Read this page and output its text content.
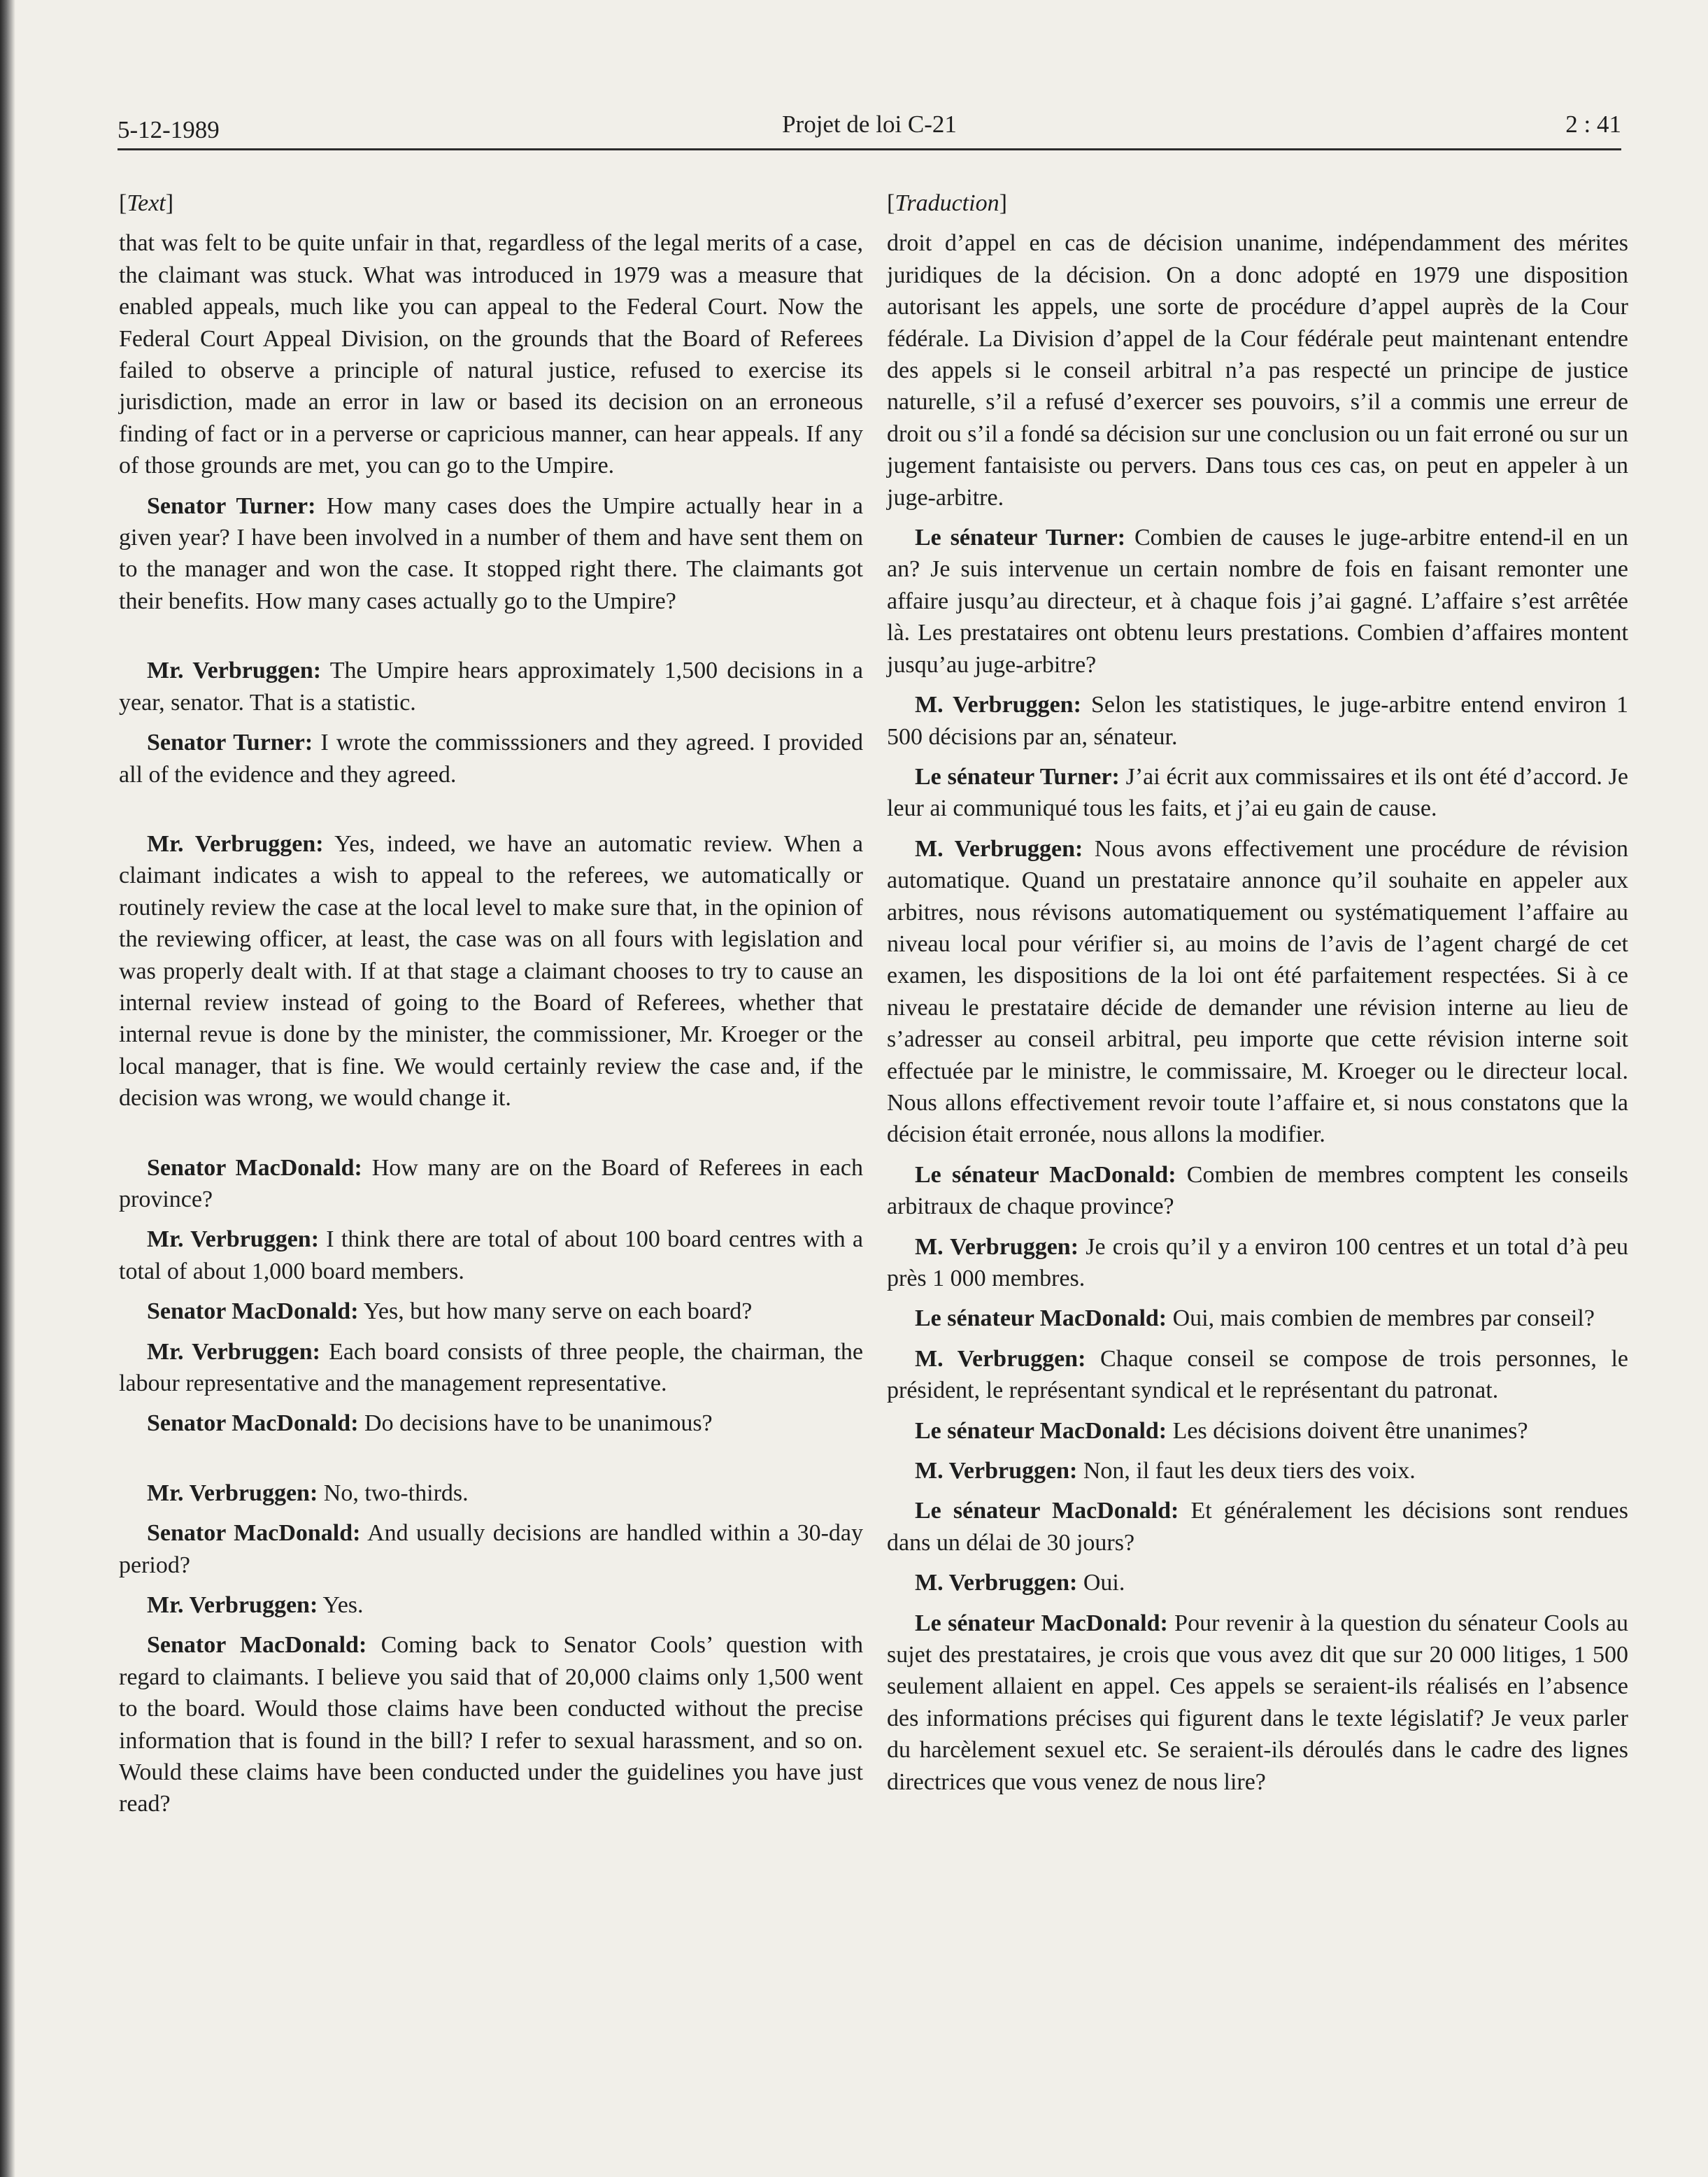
5-12-1989	Projet de loi C-21	2 : 41

[Text]

that was felt to be quite unfair in that, regardless of the legal merits of a case, the claimant was stuck. What was introduced in 1979 was a measure that enabled appeals, much like you can appeal to the Federal Court. Now the Federal Court Appeal Division, on the grounds that the Board of Referees failed to observe a principle of natural justice, refused to exercise its jurisdiction, made an error in law or based its decision on an erroneous finding of fact or in a perverse or capricious manner, can hear appeals. If any of those grounds are met, you can go to the Umpire.

Senator Turner: How many cases does the Umpire actually hear in a given year? I have been involved in a number of them and have sent them on to the manager and won the case. It stopped right there. The claimants got their benefits. How many cases actually go to the Umpire?

Mr. Verbruggen: The Umpire hears approximately 1,500 decisions in a year, senator. That is a statistic.

Senator Turner: I wrote the commisssioners and they agreed. I provided all of the evidence and they agreed.

Mr. Verbruggen: Yes, indeed, we have an automatic review. When a claimant indicates a wish to appeal to the referees, we automatically or routinely review the case at the local level to make sure that, in the opinion of the reviewing officer, at least, the case was on all fours with legislation and was properly dealt with. If at that stage a claimant chooses to try to cause an internal review instead of going to the Board of Referees, whether that internal revue is done by the minister, the commissioner, Mr. Kroeger or the local manager, that is fine. We would certainly review the case and, if the decision was wrong, we would change it.

Senator MacDonald: How many are on the Board of Referees in each province?

Mr. Verbruggen: I think there are total of about 100 board centres with a total of about 1,000 board members.

Senator MacDonald: Yes, but how many serve on each board?

Mr. Verbruggen: Each board consists of three people, the chairman, the labour representative and the management representative.

Senator MacDonald: Do decisions have to be unanimous?

Mr. Verbruggen: No, two-thirds.

Senator MacDonald: And usually decisions are handled within a 30-day period?

Mr. Verbruggen: Yes.

Senator MacDonald: Coming back to Senator Cools’ question with regard to claimants. I believe you said that of 20,000 claims only 1,500 went to the board. Would those claims have been conducted without the precise information that is found in the bill? I refer to sexual harassment, and so on. Would these claims have been conducted under the guidelines you have just read?

[Traduction]

droit d’appel en cas de décision unanime, indépendamment des mérites juridiques de la décision. On a donc adopté en 1979 une disposition autorisant les appels, une sorte de procédure d’appel auprès de la Cour fédérale. La Division d’appel de la Cour fédérale peut maintenant entendre des appels si le conseil arbitral n’a pas respecté un principe de justice naturelle, s’il a refusé d’exercer ses pouvoirs, s’il a commis une erreur de droit ou s’il a fondé sa décision sur une conclusion ou un fait erroné ou sur un jugement fantaisiste ou pervers. Dans tous ces cas, on peut en appeler à un juge-arbitre.

Le sénateur Turner: Combien de causes le juge-arbitre entend-il en un an? Je suis intervenue un certain nombre de fois en faisant remonter une affaire jusqu’au directeur, et à chaque fois j’ai gagné. L’affaire s’est arrêtée là. Les prestataires ont obtenu leurs prestations. Combien d’affaires montent jusqu’au juge-arbitre?

M. Verbruggen: Selon les statistiques, le juge-arbitre entend environ 1 500 décisions par an, sénateur.

Le sénateur Turner: J’ai écrit aux commissaires et ils ont été d’accord. Je leur ai communiqué tous les faits, et j’ai eu gain de cause.

M. Verbruggen: Nous avons effectivement une procédure de révision automatique. Quand un prestataire annonce qu’il souhaite en appeler aux arbitres, nous révisons automatiquement ou systématiquement l’affaire au niveau local pour vérifier si, au moins de l’avis de l’agent chargé de cet examen, les dispositions de la loi ont été parfaitement respectées. Si à ce niveau le prestataire décide de demander une révision interne au lieu de s’adresser au conseil arbitral, peu importe que cette révision interne soit effectuée par le ministre, le commissaire, M. Kroeger ou le directeur local. Nous allons effectivement revoir toute l’affaire et, si nous constatons que la décision était erronée, nous allons la modifier.

Le sénateur MacDonald: Combien de membres comptent les conseils arbitraux de chaque province?

M. Verbruggen: Je crois qu’il y a environ 100 centres et un total d’à peu près 1 000 membres.

Le sénateur MacDonald: Oui, mais combien de membres par conseil?

M. Verbruggen: Chaque conseil se compose de trois personnes, le président, le représentant syndical et le représentant du patronat.

Le sénateur MacDonald: Les décisions doivent être unanimes?

M. Verbruggen: Non, il faut les deux tiers des voix.

Le sénateur MacDonald: Et généralement les décisions sont rendues dans un délai de 30 jours?

M. Verbruggen: Oui.

Le sénateur MacDonald: Pour revenir à la question du sénateur Cools au sujet des prestataires, je crois que vous avez dit que sur 20 000 litiges, 1 500 seulement allaient en appel. Ces appels se seraient-ils réalisés en l’absence des informations précises qui figurent dans le texte législatif? Je veux parler du harcèlement sexuel etc. Se seraient-ils déroulés dans le cadre des lignes directrices que vous venez de nous lire?
